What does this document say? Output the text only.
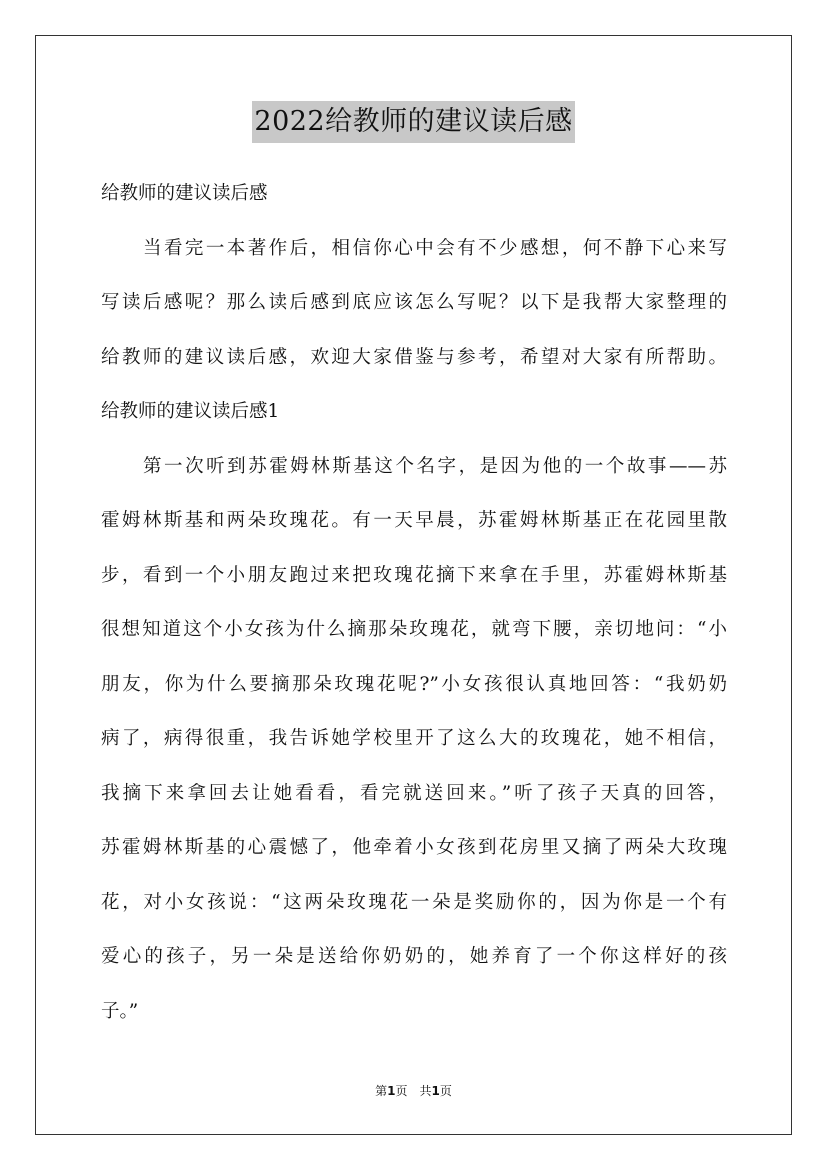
2022给教师的建议读后感
给教师的建议读后感
当看完一本著作后，相信你心中会有不少感想，何不静下心来写
写读后感呢？那么读后感到底应该怎么写呢？以下是我帮大家整理的
给教师的建议读后感，欢迎大家借鉴与参考，希望对大家有所帮助。
给教师的建议读后感1
第一次听到苏霍姆林斯基这个名字，是因为他的一个故事——苏
霍姆林斯基和两朵玫瑰花。有一天早晨，苏霍姆林斯基正在花园里散
步，看到一个小朋友跑过来把玫瑰花摘下来拿在手里，苏霍姆林斯基
很想知道这个小女孩为什么摘那朵玫瑰花，就弯下腰，亲切地问：“小
朋友，你为什么要摘那朵玫瑰花呢?”小女孩很认真地回答：“我奶奶
病了，病得很重，我告诉她学校里开了这么大的玫瑰花，她不相信，
我摘下来拿回去让她看看，看完就送回来。”听了孩子天真的回答，
苏霍姆林斯基的心震憾了，他牵着小女孩到花房里又摘了两朵大玫瑰
花，对小女孩说：“这两朵玫瑰花一朵是奖励你的，因为你是一个有
爱心的孩子，另一朵是送给你奶奶的，她养育了一个你这样好的孩
子。”
第1页 共1页
